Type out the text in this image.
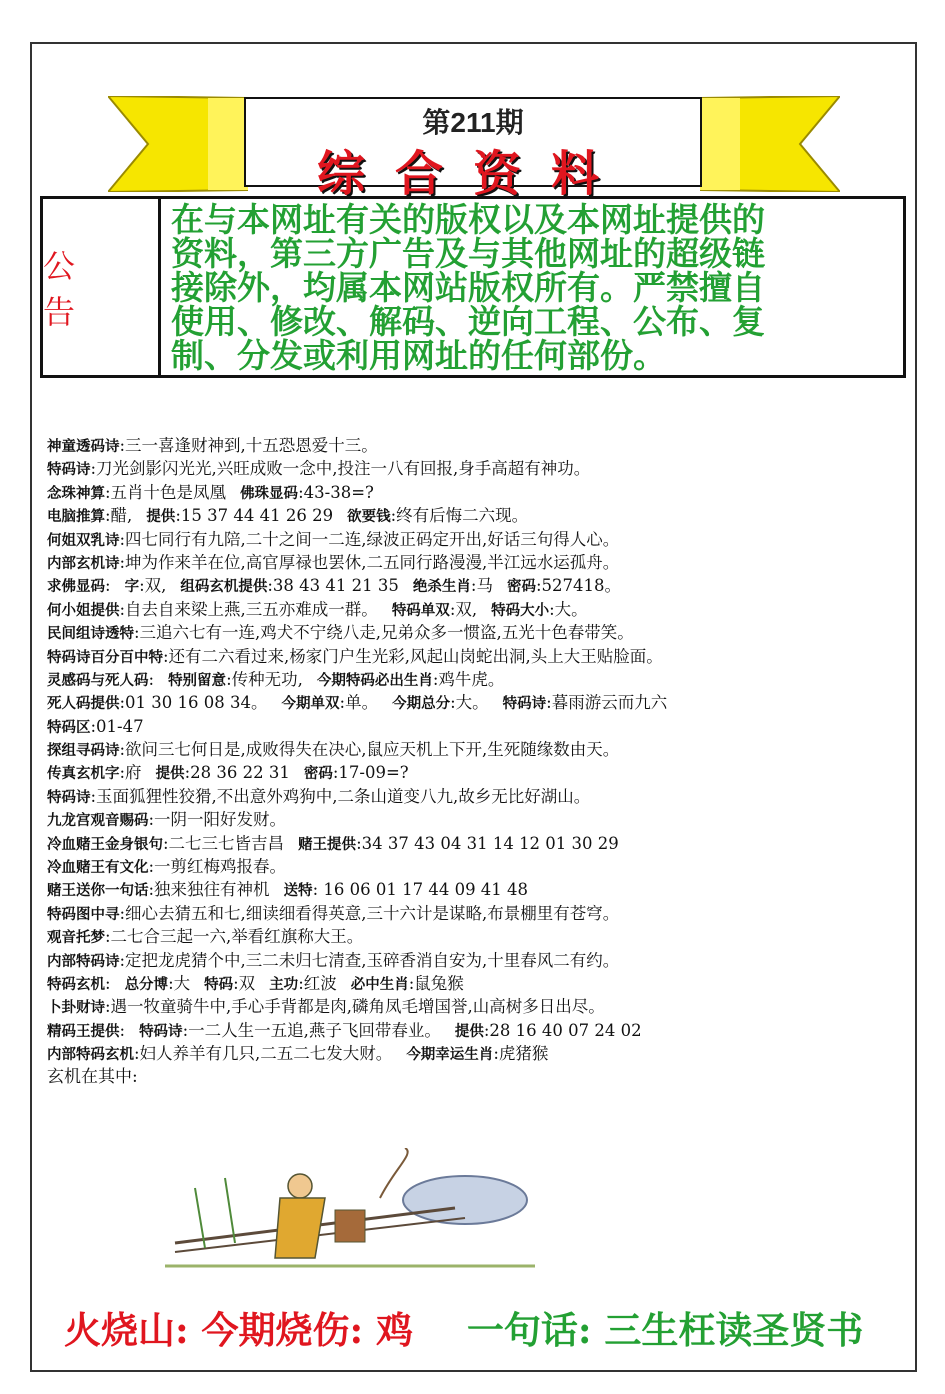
第211期
综合资料
公 告
在与本网址有关的版权以及本网址提供的
资料，第三方广告及与其他网址的超级链
接除外，均属本网站版权所有。严禁擅自
使用、修改、解码、逆向工程、公布、复
制、分发或利用网址的任何部份。
神童透码诗:三一喜逢财神到,十五恐恩爱十三。
特码诗:刀光剑影闪光光,兴旺成败一念中,投注一八有回报,身手高超有神功。
念珠神算:五肖十色是凤凰 佛珠显码:43-38=?
电脑推算:醋, 提供:15 37 44 41 26 29 欲要钱:终有后悔二六现。
何姐双乳诗:四七同行有九陪,二十之间一二连,绿波正码定开出,好话三句得人心。
内部玄机诗:坤为作来羊在位,高官厚禄也罢休,二五同行路漫漫,半江远水运孤舟。
求佛显码: 字:双, 组码玄机提供:38 43 41 21 35 绝杀生肖:马 密码:527418。
何小姐提供:自去自来梁上燕,三五亦难成一群。 特码单双:双, 特码大小:大。
民间组诗透特:三追六七有一连,鸡犬不宁绕八走,兄弟众多一惯盗,五光十色春带笑。
特码诗百分百中特:还有二六看过来,杨家门户生光彩,风起山岗蛇出洞,头上大王贴脸面。
灵感码与死人码: 特别留意:传种无功, 今期特码必出生肖:鸡牛虎。
死人码提供:01 30 16 08 34。 今期单双:单。 今期总分:大。 特码诗:暮雨游云而九六
特码区:01-47
探组寻码诗:欲问三七何日是,成败得失在决心,鼠应天机上下开,生死随缘数由天。
传真玄机字:府 提供:28 36 22 31 密码:17-09=?
特码诗:玉面狐狸性狡猾,不出意外鸡狗中,二条山道变八九,故乡无比好湖山。
九龙宫观音赐码:一阴一阳好发财。
冷血赌王金身银句:二七三七皆吉昌 赌王提供:34 37 43 04 31 14 12 01 30 29
冷血赌王有文化:一剪红梅鸡报春。
赌王送你一句话:独来独往有神机 送特: 16 06 01 17 44 09 41 48
特码图中寻:细心去猜五和七,细读细看得英意,三十六计是谋略,布景棚里有苍穹。
观音托梦:二七合三起一六,举看红旗称大王。
内部特码诗:定把龙虎猜个中,三二未归七清查,玉碎香消自安为,十里春风二有约。
特码玄机: 总分博:大 特码:双 主功:红波 必中生肖:鼠兔猴
卜卦财诗:遇一牧童骑牛中,手心手背都是肉,磷角凤毛增国誉,山高树多日出尽。
精码王提供: 特码诗:一二人生一五追,燕子飞回带春业。 提供:28 16 40 07 24 02
内部特码玄机:妇人养羊有几只,二五二七发大财。 今期幸运生肖:虎猪猴
玄机在其中:
火烧山: 今期烧伤: 鸡 一句话: 三生枉读圣贤书
